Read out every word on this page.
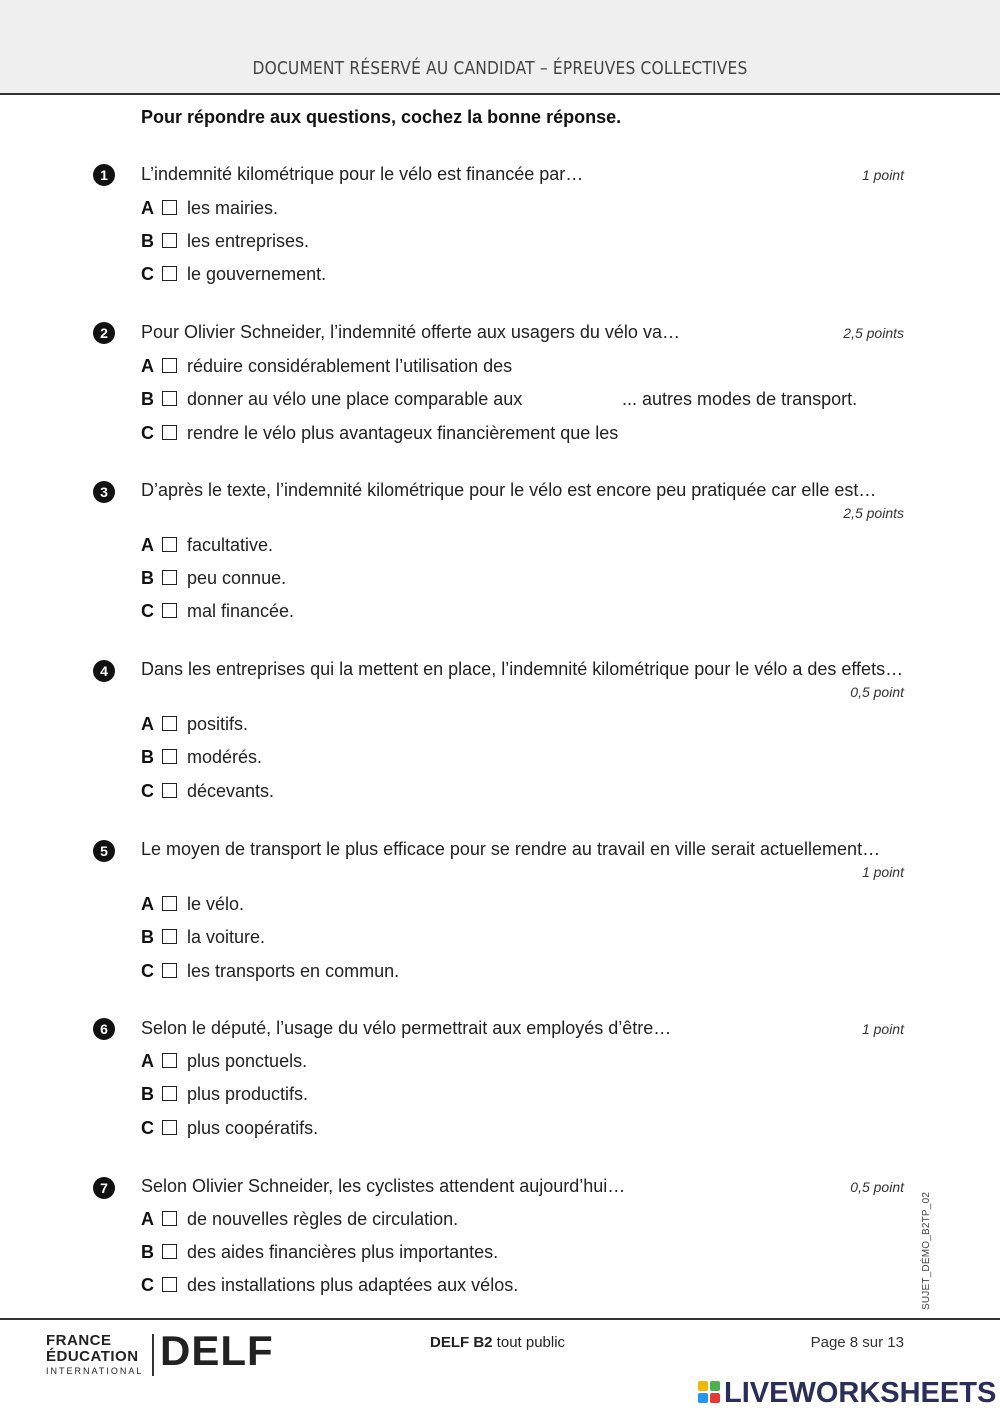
DOCUMENT RÉSERVÉ AU CANDIDAT – ÉPREUVES COLLECTIVES
Pour répondre aux questions, cochez la bonne réponse.
1	L’indemnité kilométrique pour le vélo est financée par…	1 point
A les mairies.
B les entreprises.
C le gouvernement.
2	Pour Olivier Schneider, l’indemnité offerte aux usagers du vélo va…	2,5 points
A réduire considérablement l’utilisation des
B donner au vélo une place comparable aux	... autres modes de transport.
C rendre le vélo plus avantageux financièrement que les
3	D’après le texte, l’indemnité kilométrique pour le vélo est encore peu pratiquée car elle est…
2,5 points
A facultative.
B peu connue.
C mal financée.
4	Dans les entreprises qui la mettent en place, l’indemnité kilométrique pour le vélo a des effets…
0,5 point
A positifs.
B modérés.
C décevants.
5	Le moyen de transport le plus efficace pour se rendre au travail en ville serait actuellement…
1 point
A le vélo.
B la voiture.
C les transports en commun.
6	Selon le député, l’usage du vélo permettrait aux employés d’être…	1 point
A plus ponctuels.
B plus productifs.
C plus coopératifs.
7	Selon Olivier Schneider, les cyclistes attendent aujourd’hui…	0,5 point
A de nouvelles règles de circulation.
B des aides financières plus importantes.
C des installations plus adaptées aux vélos.	SUJET_DÉMO_B2TP_02
FRANCE
ÉDUCATION
INTERNATIONAL DELF	DELF B2 tout public	Page 8 sur 13
LIVEWORKSHEETS
